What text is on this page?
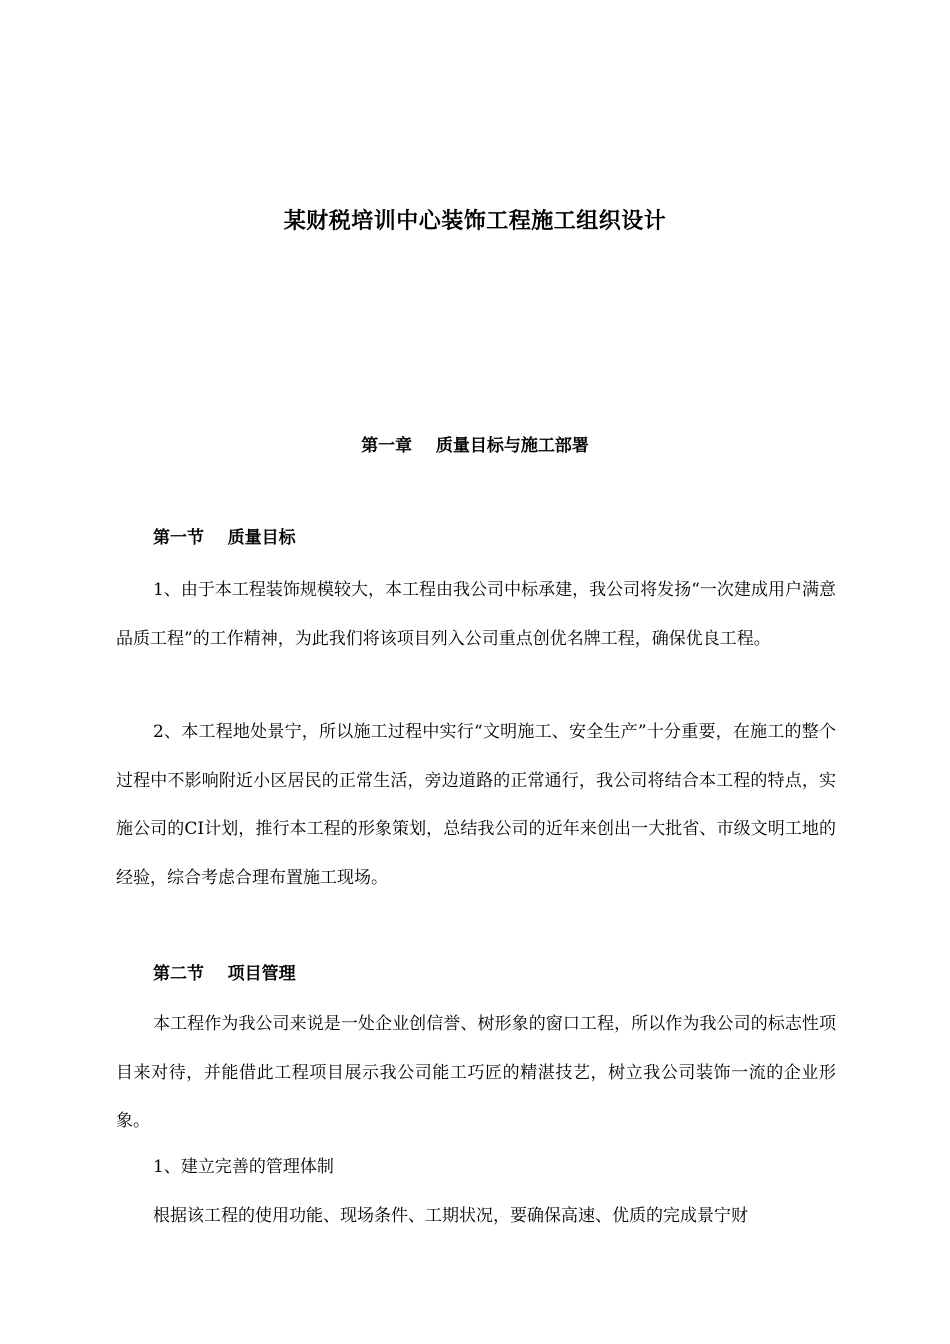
某财税培训中心装饰工程施工组织设计
第一章    质量目标与施工部署
第一节    质量目标

1、由于本工程装饰规模较大，本工程由我公司中标承建，我公司将发扬“一次建成用户满意品质工程”的工作精神，为此我们将该项目列入公司重点创优名牌工程，确保优良工程。

2、本工程地处景宁，所以施工过程中实行“文明施工、安全生产”十分重要，在施工的整个过程中不影响附近小区居民的正常生活，旁边道路的正常通行，我公司将结合本工程的特点，实施公司的CI计划，推行本工程的形象策划，总结我公司的近年来创出一大批省、市级文明工地的经验，综合考虑合理布置施工现场。

第二节    项目管理

本工程作为我公司来说是一处企业创信誉、树形象的窗口工程，所以作为我公司的标志性项目来对待，并能借此工程项目展示我公司能工巧匠的精湛技艺，树立我公司装饰一流的企业形象。

1、建立完善的管理体制

根据该工程的使用功能、现场条件、工期状况，要确保高速、优质的完成景宁财
